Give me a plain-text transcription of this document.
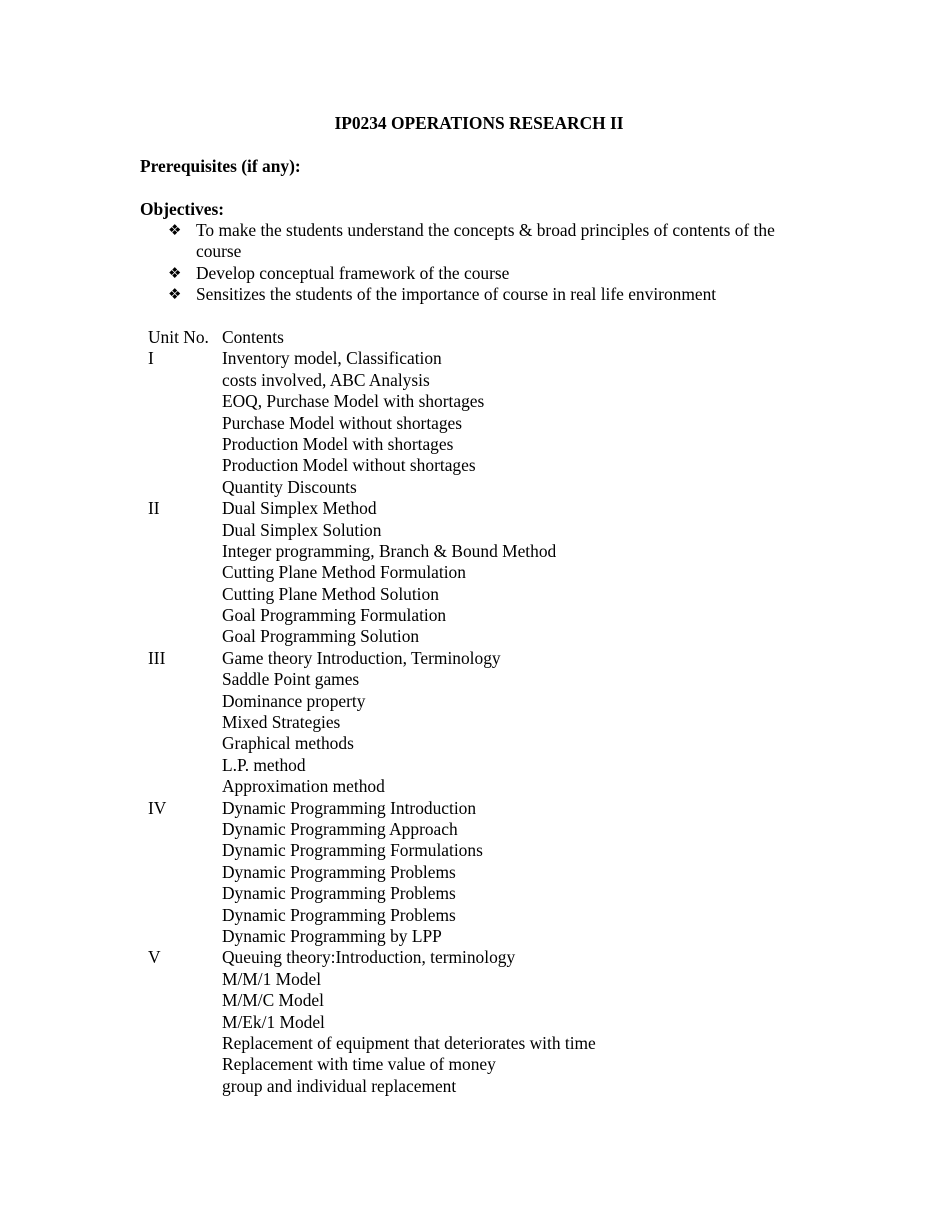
IP0234 OPERATIONS RESEARCH II
Prerequisites (if any):
Objectives:
❖ To make the students understand the concepts & broad principles of contents of the course
❖ Develop conceptual framework of the course
❖ Sensitizes the students of the importance of course in real life environment
Unit No. Contents
I	Inventory model, Classification
costs involved, ABC Analysis
EOQ, Purchase Model with shortages
Purchase Model without shortages
Production Model with shortages
Production Model without shortages
Quantity Discounts
II	Dual Simplex Method
Dual Simplex Solution
Integer programming, Branch & Bound Method
Cutting Plane Method Formulation
Cutting Plane Method Solution
Goal Programming Formulation
Goal Programming Solution
III	Game theory Introduction, Terminology
Saddle Point games
Dominance property
Mixed Strategies
Graphical methods
L.P. method
Approximation method
IV	Dynamic Programming Introduction
Dynamic Programming Approach
Dynamic Programming Formulations
Dynamic Programming Problems
Dynamic Programming Problems
Dynamic Programming Problems
Dynamic Programming by LPP
V	Queuing theory:Introduction, terminology
M/M/1 Model
M/M/C Model
M/Ek/1 Model
Replacement of equipment that deteriorates with time
Replacement with time value of money
group and individual replacement
